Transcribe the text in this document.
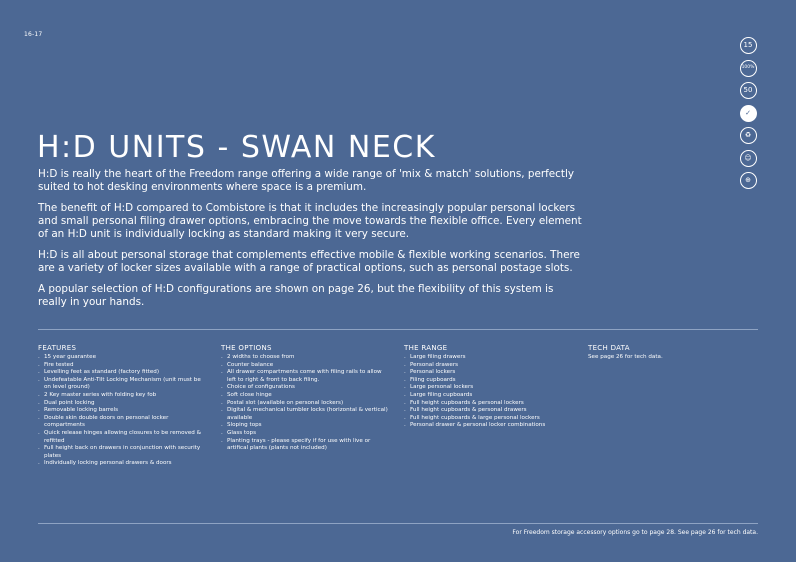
16-17
15
100%
50
✓
♻
☺
⊕
H:D UNITS - SWAN NECK

H:D is really the heart of the Freedom range offering a wide range of 'mix & match' solutions, perfectly suited to hot desking environments where space is a premium.

The benefit of H:D compared to Combistore is that it includes the increasingly popular personal lockers and small personal filing drawer options, embracing the move towards the flexible office. Every element of an H:D unit is individually locking as standard making it very secure.

H:D is all about personal storage that complements effective mobile & flexible working scenarios. There are a variety of locker sizes available with a range of practical options, such as personal postage slots.

A popular selection of H:D configurations are shown on page 26, but the flexibility of this system is really in your hands.

FEATURES
. 15 year guarantee
. Fire tested
. Levelling feet as standard (factory fitted)
. Undefeatable Anti-Tilt Locking Mechanism (unit must be on level ground)
. 2 Key master series with folding key fob
. Dual point locking
. Removable locking barrels
. Double skin double doors on personal locker compartments
. Quick release hinges allowing closures to be removed & refitted
. Full height back on drawers in conjunction with security plates
. Individually locking personal drawers & doors
THE OPTIONS
. 2 widths to choose from
. Counter balance
. All drawer compartments come with filing rails to allow left to right & front to back filing.
. Choice of configurations
. Soft close hinge
. Postal slot (available on personal lockers)
. Digital & mechanical tumbler locks (horizontal & vertical) available
. Sloping tops
. Glass tops
. Planting trays - please specify if for use with live or artifical plants (plants not included)
THE RANGE
. Large filing drawers
. Personal drawers
. Personal lockers
. Filing cupboards
. Large personal lockers
. Large filing cupboards
. Full height cupboards & personal lockers
. Full height cupboards & personal drawers
. Full height cupboards & large personal lockers
. Personal drawer & personal locker combinations
TECH DATA

See page 26 for tech data.

For Freedom storage accessory options go to page 28. See page 26 for tech data.
